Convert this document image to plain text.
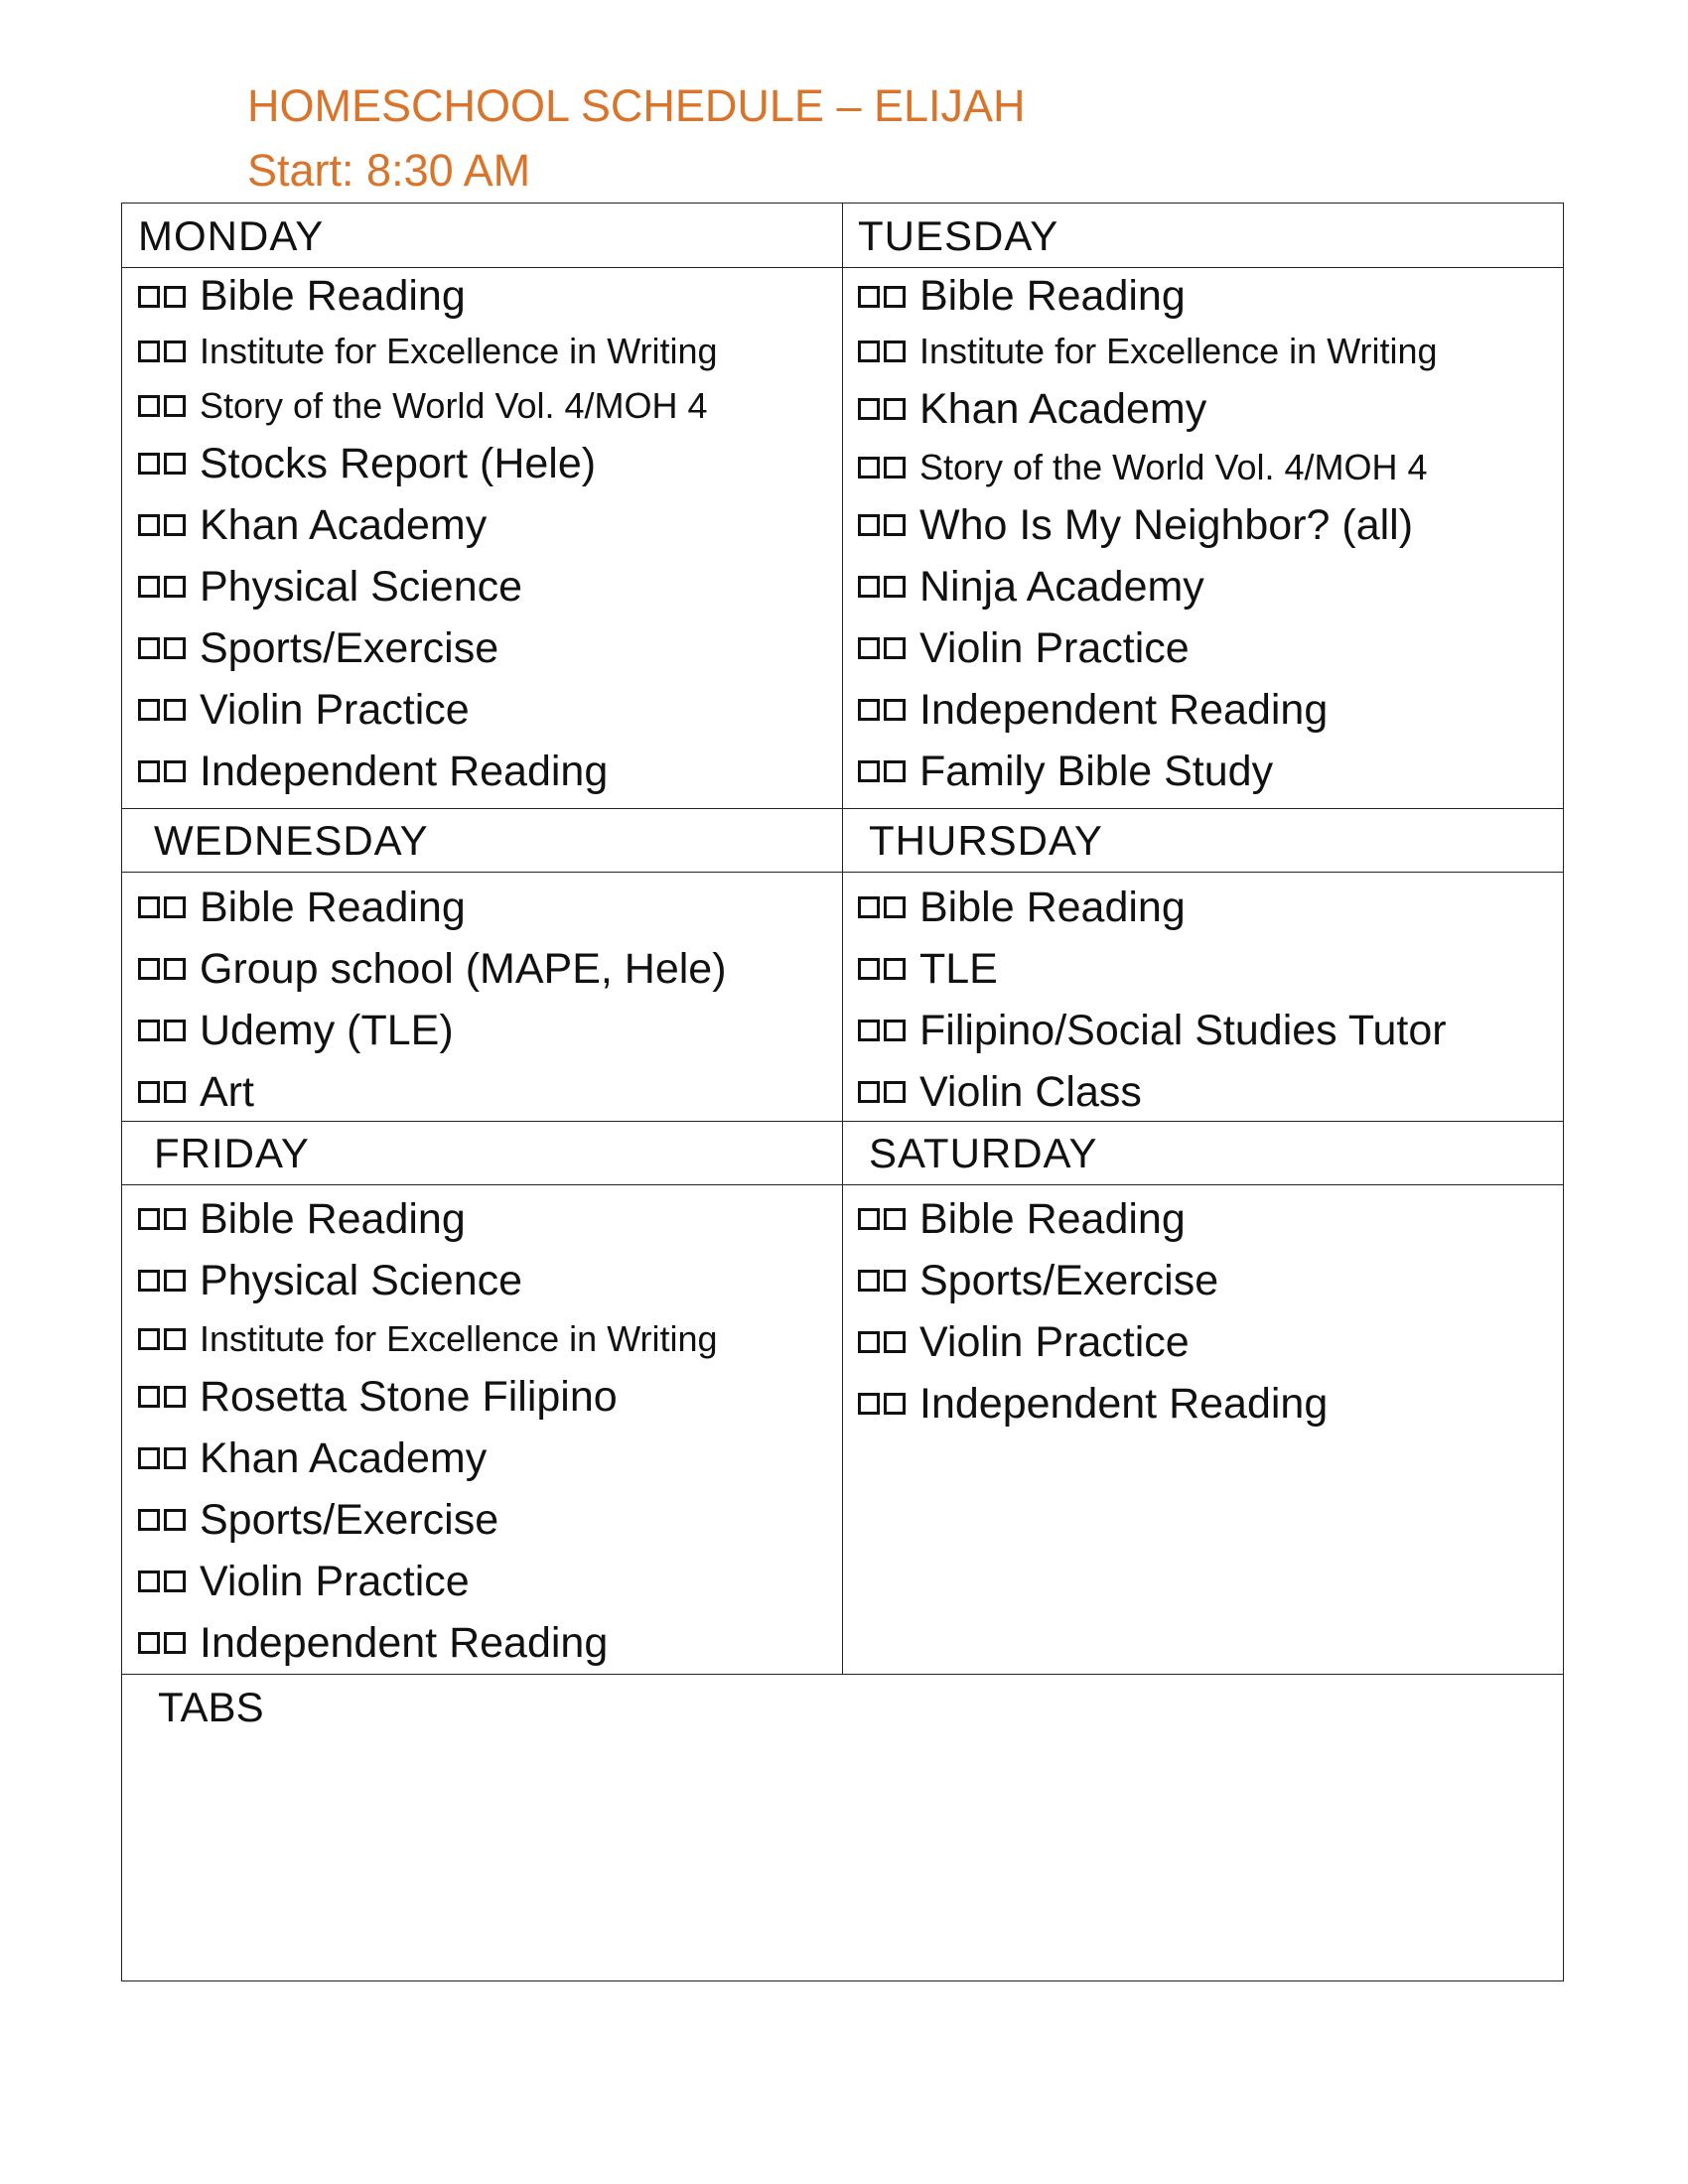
HOMESCHOOL SCHEDULE – ELIJAH
Start: 8:30 AM
MONDAY
Bible Reading
Institute for Excellence in Writing
Story of the World Vol. 4/MOH 4
Stocks Report (Hele)
Khan Academy
Physical Science
Sports/Exercise
Violin Practice
Independent Reading
TUESDAY
Bible Reading
Institute for Excellence in Writing
Khan Academy
Story of the World Vol. 4/MOH 4
Who Is My Neighbor? (all)
Ninja Academy
Violin Practice
Independent Reading
Family Bible Study
WEDNESDAY
Bible Reading
Group school (MAPE, Hele)
Udemy (TLE)
Art
THURSDAY
Bible Reading
TLE
Filipino/Social Studies Tutor
Violin Class
FRIDAY
Bible Reading
Physical Science
Institute for Excellence in Writing
Rosetta Stone Filipino
Khan Academy
Sports/Exercise
Violin Practice
Independent Reading
SATURDAY
Bible Reading
Sports/Exercise
Violin Practice
Independent Reading
TABS
